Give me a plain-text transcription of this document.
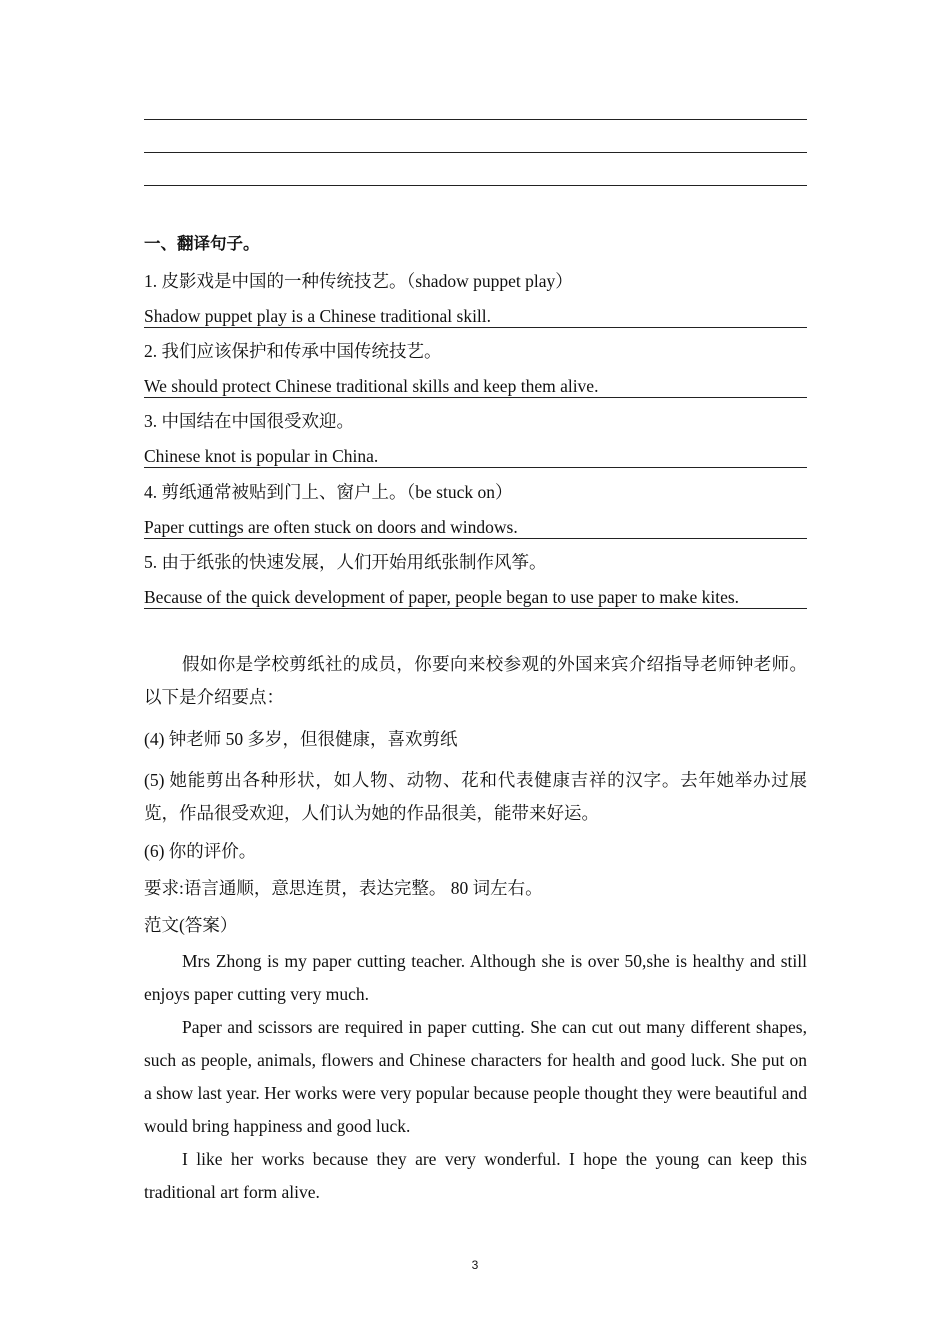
一、翻译句子。
1. 皮影戏是中国的一种传统技艺。（shadow puppet play）
Shadow puppet play is a Chinese traditional skill.
2. 我们应该保护和传承中国传统技艺。
We should protect Chinese traditional skills and keep them alive.
3. 中国结在中国很受欢迎。
Chinese knot is popular in China.
4. 剪纸通常被贴到门上、窗户上。（be stuck on）
Paper cuttings are often stuck on doors and windows.
5. 由于纸张的快速发展，人们开始用纸张制作风筝。
Because of the quick development of paper, people began to use paper to make kites.
假如你是学校剪纸社的成员，你要向来校参观的外国来宾介绍指导老师钟老师。以下是介绍要点：
(4) 钟老师 50 多岁，但很健康，喜欢剪纸
(5) 她能剪出各种形状，如人物、动物、花和代表健康吉祥的汉字。去年她举办过展览，作品很受欢迎，人们认为她的作品很美，能带来好运。
(6) 你的评价。
要求:语言通顺，意思连贯，表达完整。 80 词左右。
范文(答案）
Mrs Zhong is my paper cutting teacher. Although she is over 50,she is healthy and still enjoys paper cutting very much.
Paper and scissors are required in paper cutting. She can cut out many different shapes, such as people, animals, flowers and Chinese characters for health and good luck. She put on a show last year. Her works were very popular because people thought they were beautiful and would bring happiness and good luck.
I like her works because they are very wonderful. I hope the young can keep this traditional art form alive.
3
